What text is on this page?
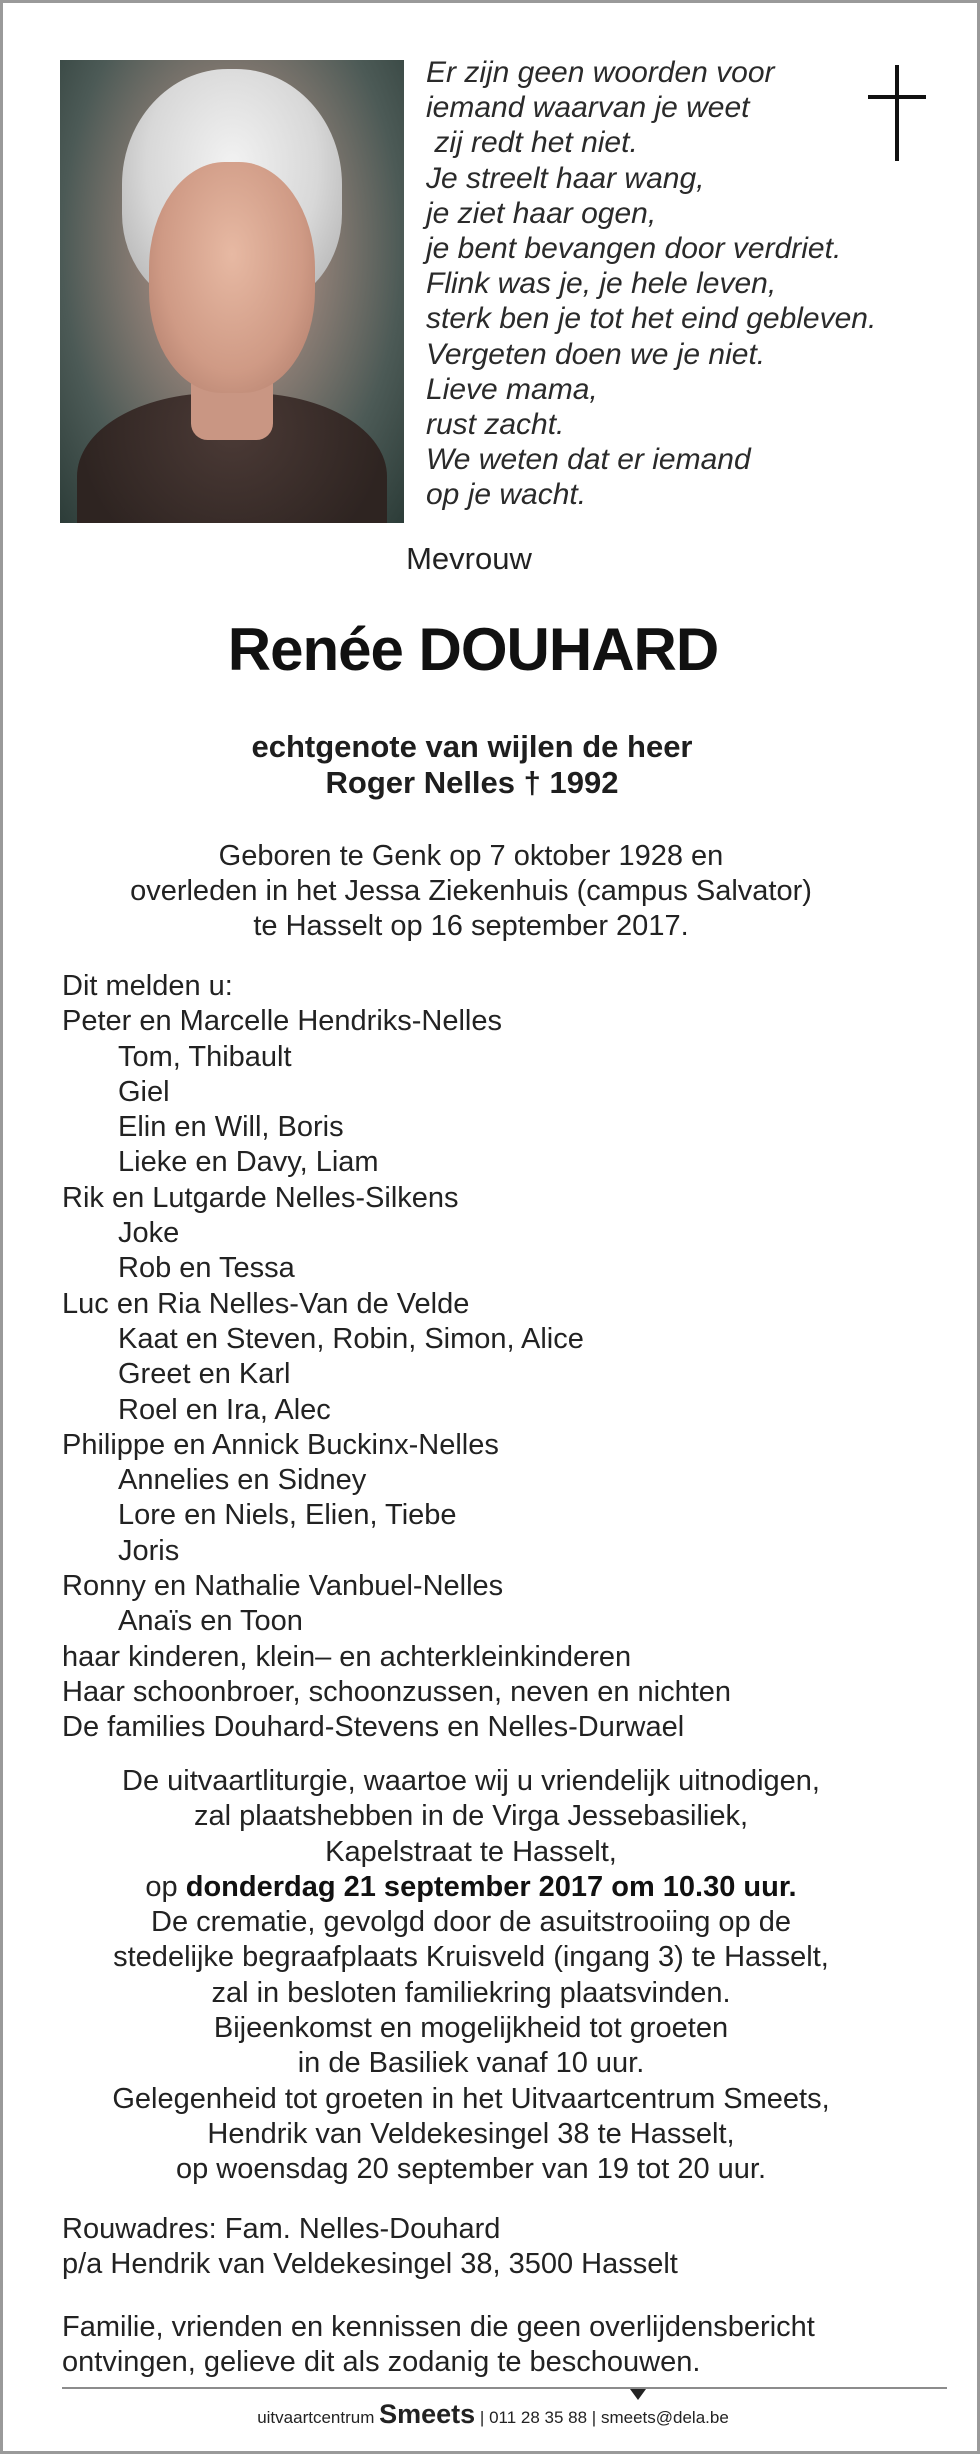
Er zijn geen woorden voor
iemand waarvan je weet
zij redt het niet.
Je streelt haar wang,
je ziet haar ogen,
je bent bevangen door verdriet.
Flink was je, je hele leven,
sterk ben je tot het eind gebleven.
Vergeten doen we je niet.
Lieve mama,
rust zacht.
We weten dat er iemand
op je wacht.
Mevrouw
Renée DOUHARD
echtgenote van wijlen de heer
Roger Nelles † 1992
Geboren te Genk op 7 oktober 1928 en
overleden in het Jessa Ziekenhuis (campus Salvator)
te Hasselt op 16 september 2017.
Dit melden u:
Peter en Marcelle Hendriks-Nelles
Tom, Thibault
Giel
Elin en Will, Boris
Lieke en Davy, Liam
Rik en Lutgarde Nelles-Silkens
Joke
Rob en Tessa
Luc en Ria Nelles-Van de Velde
Kaat en Steven, Robin, Simon, Alice
Greet en Karl
Roel en Ira, Alec
Philippe en Annick Buckinx-Nelles
Annelies en Sidney
Lore en Niels, Elien, Tiebe
Joris
Ronny en Nathalie Vanbuel-Nelles
Anaïs en Toon
haar kinderen, klein– en achterkleinkinderen
Haar schoonbroer, schoonzussen, neven en nichten
De families Douhard-Stevens en Nelles-Durwael
De uitvaartliturgie, waartoe wij u vriendelijk uitnodigen,
zal plaatshebben in de Virga Jessebasiliek,
Kapelstraat te Hasselt,
op donderdag 21 september 2017 om 10.30 uur.
De crematie, gevolgd door de asuitstrooiing op de
stedelijke begraafplaats Kruisveld (ingang 3) te Hasselt,
zal in besloten familiekring plaatsvinden.
Bijeenkomst en mogelijkheid tot groeten
in de Basiliek vanaf 10 uur.
Gelegenheid tot groeten in het Uitvaartcentrum Smeets,
Hendrik van Veldekesingel 38 te Hasselt,
op woensdag 20 september van 19 tot 20 uur.
Rouwadres: Fam. Nelles-Douhard
p/a Hendrik van Veldekesingel 38, 3500 Hasselt
Familie, vrienden en kennissen die geen overlijdensbericht
ontvingen, gelieve dit als zodanig te beschouwen.
uitvaartcentrum Smeets | 011 28 35 88 | smeets@dela.be
